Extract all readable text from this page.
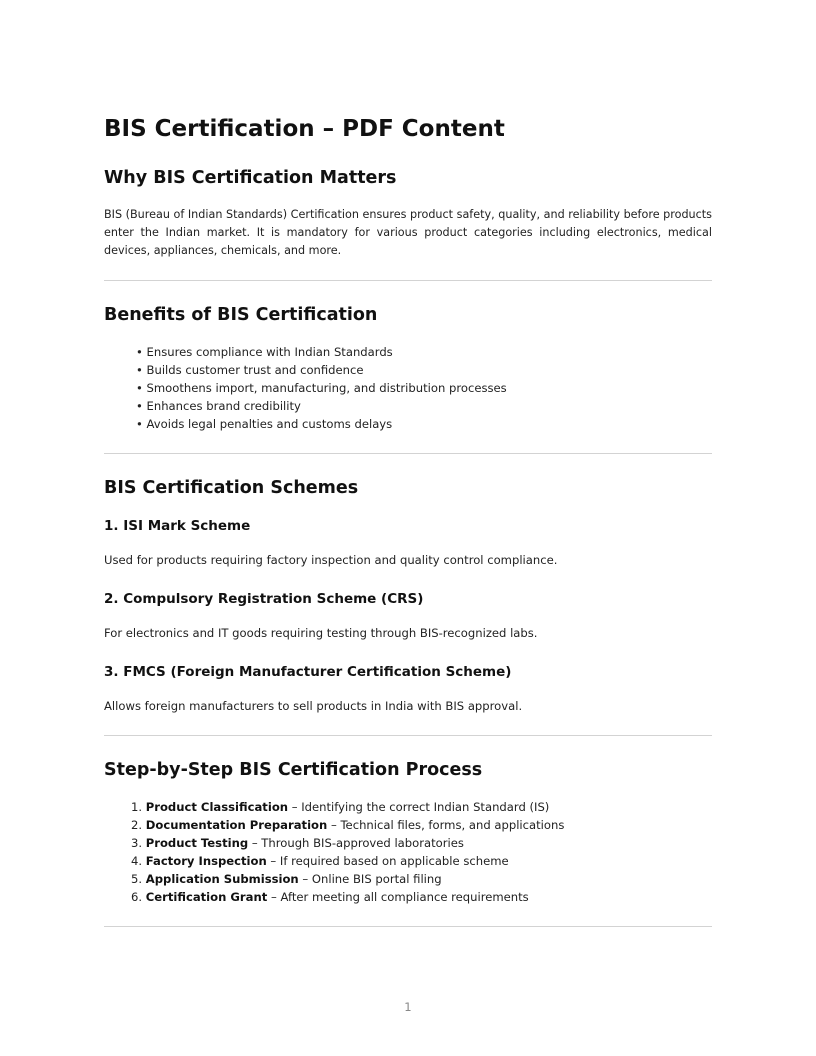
BIS Certification – PDF Content
Why BIS Certification Matters

BIS (Bureau of Indian Standards) Certification ensures product safety, quality, and reliability before products enter the Indian market. It is mandatory for various product categories including electronics, medical devices, appliances, chemicals, and more.

Benefits of BIS Certification
• Ensures compliance with Indian Standards
• Builds customer trust and confidence
• Smoothens import, manufacturing, and distribution processes
• Enhances brand credibility
• Avoids legal penalties and customs delays
BIS Certification Schemes
1. ISI Mark Scheme

Used for products requiring factory inspection and quality control compliance.

2. Compulsory Registration Scheme (CRS)

For electronics and IT goods requiring testing through BIS-recognized labs.

3. FMCS (Foreign Manufacturer Certification Scheme)

Allows foreign manufacturers to sell products in India with BIS approval.

Step-by-Step BIS Certification Process
1. Product Classification – Identifying the correct Indian Standard (IS)
2. Documentation Preparation – Technical files, forms, and applications
3. Product Testing – Through BIS-approved laboratories
4. Factory Inspection – If required based on applicable scheme
5. Application Submission – Online BIS portal filing
6. Certification Grant – After meeting all compliance requirements
1
